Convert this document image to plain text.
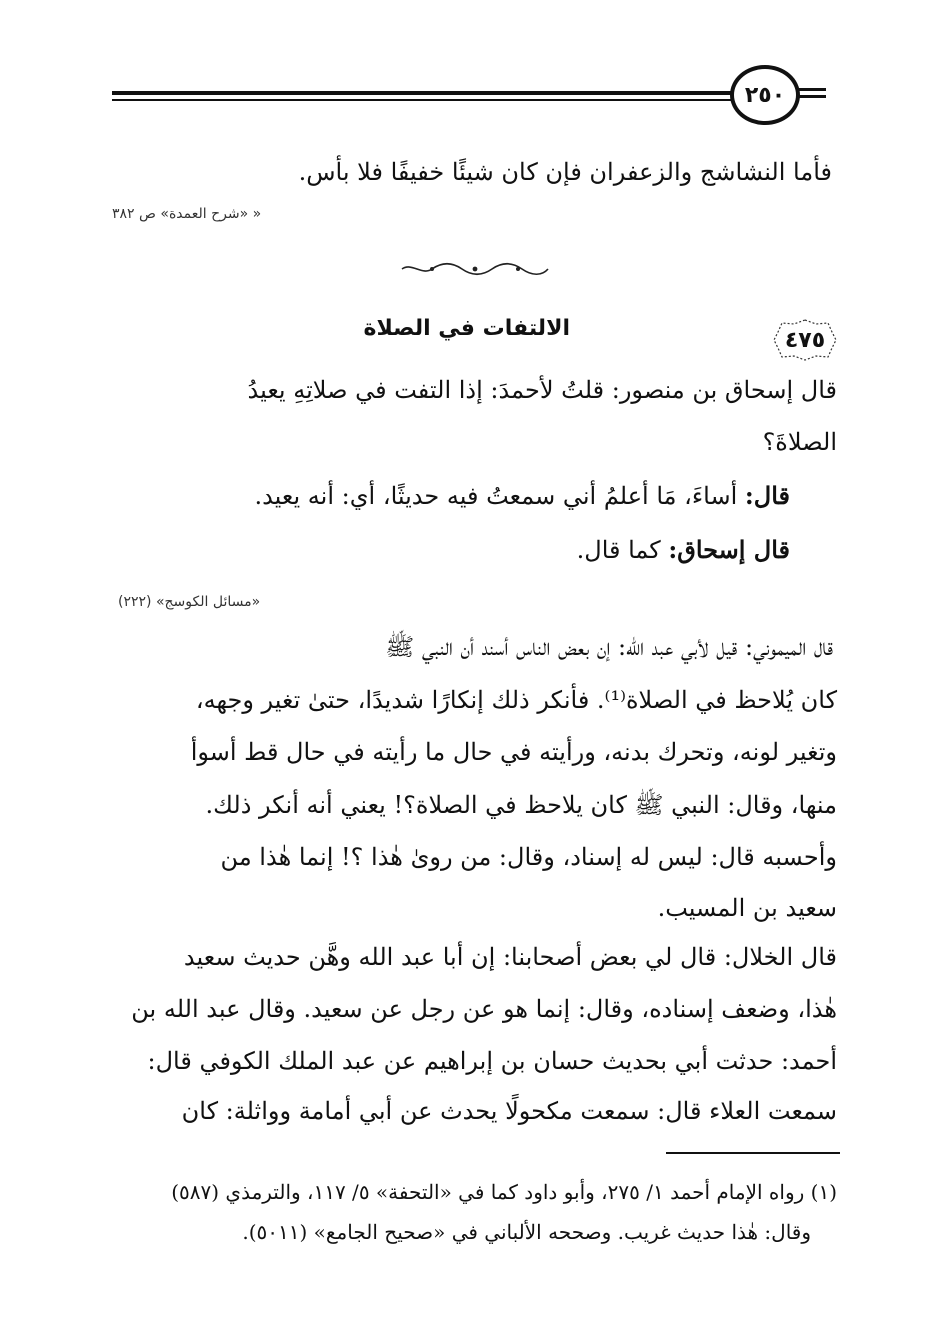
٢٥٠
فأما النشاشج والزعفران فإن كان شيئًا خفيفًا فلا بأس.
« «شرح العمدة» ص ٣٨٢
٤٧٥
الالتفات في الصلاة
قال إسحاق بن منصور: قلتُ لأحمدَ: إذا التفت في صلاتِهِ يعيدُ
الصلاةَ؟
قال: أساءَ، مَا أعلمُ أني سمعتُ فيه حديثًا، أي: أنه يعيد.
قال إسحاق: كما قال.
«مسائل الكوسج» (٢٢٢)
قال الميموني: قيل لأبي عبد الله: إن بعض الناس أسند أن النبي ﷺ
كان يُلاحظ في الصلاة⁽¹⁾. فأنكر ذلك إنكارًا شديدًا، حتىٰ تغير وجهه،
وتغير لونه، وتحرك بدنه، ورأيته في حال ما رأيته في حال قط أسوأ
منها، وقال: النبي ﷺ كان يلاحظ في الصلاة؟! يعني أنه أنكر ذلك.
وأحسبه قال: ليس له إسناد، وقال: من روىٰ هٰذا ؟! إنما هٰذا من
سعيد بن المسيب.
قال الخلال: قال لي بعض أصحابنا: إن أبا عبد الله وهَّن حديث سعيد
هٰذا، وضعف إسناده، وقال: إنما هو عن رجل عن سعيد. وقال عبد الله بن
أحمد: حدثت أبي بحديث حسان بن إبراهيم عن عبد الملك الكوفي قال:
سمعت العلاء قال: سمعت مكحولًا يحدث عن أبي أمامة وواثلة: كان
(١) رواه الإمام أحمد ١/ ٢٧٥، وأبو داود كما في «التحفة» ٥/ ١١٧، والترمذي (٥٨٧)
وقال: هٰذا حديث غريب. وصححه الألباني في «صحيح الجامع» (٥٠١١).
